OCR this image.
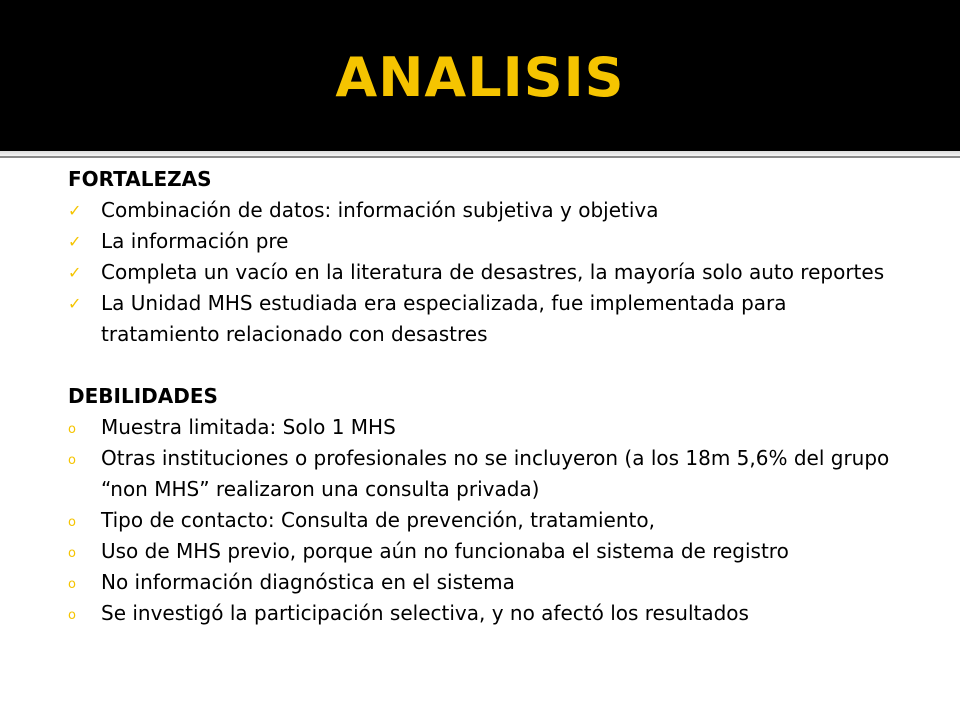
ANALISIS
FORTALEZAS
✓ Combinación de datos: información subjetiva y objetiva
✓ La información pre
✓ Completa un vacío en la literatura de desastres, la mayoría solo auto reportes
✓ La Unidad MHS estudiada era especializada, fue implementada para tratamiento relacionado con desastres
DEBILIDADES
o	Muestra limitada: Solo 1 MHS
o	Otras instituciones o profesionales no se incluyeron (a los 18m 5,6% del grupo “non MHS” realizaron una consulta privada)
o	Tipo de contacto: Consulta de prevención, tratamiento,
o	Uso de MHS previo, porque aún no funcionaba el sistema de registro
o	No información diagnóstica en el sistema
o	Se investigó la participación selectiva, y no afectó los resultados
